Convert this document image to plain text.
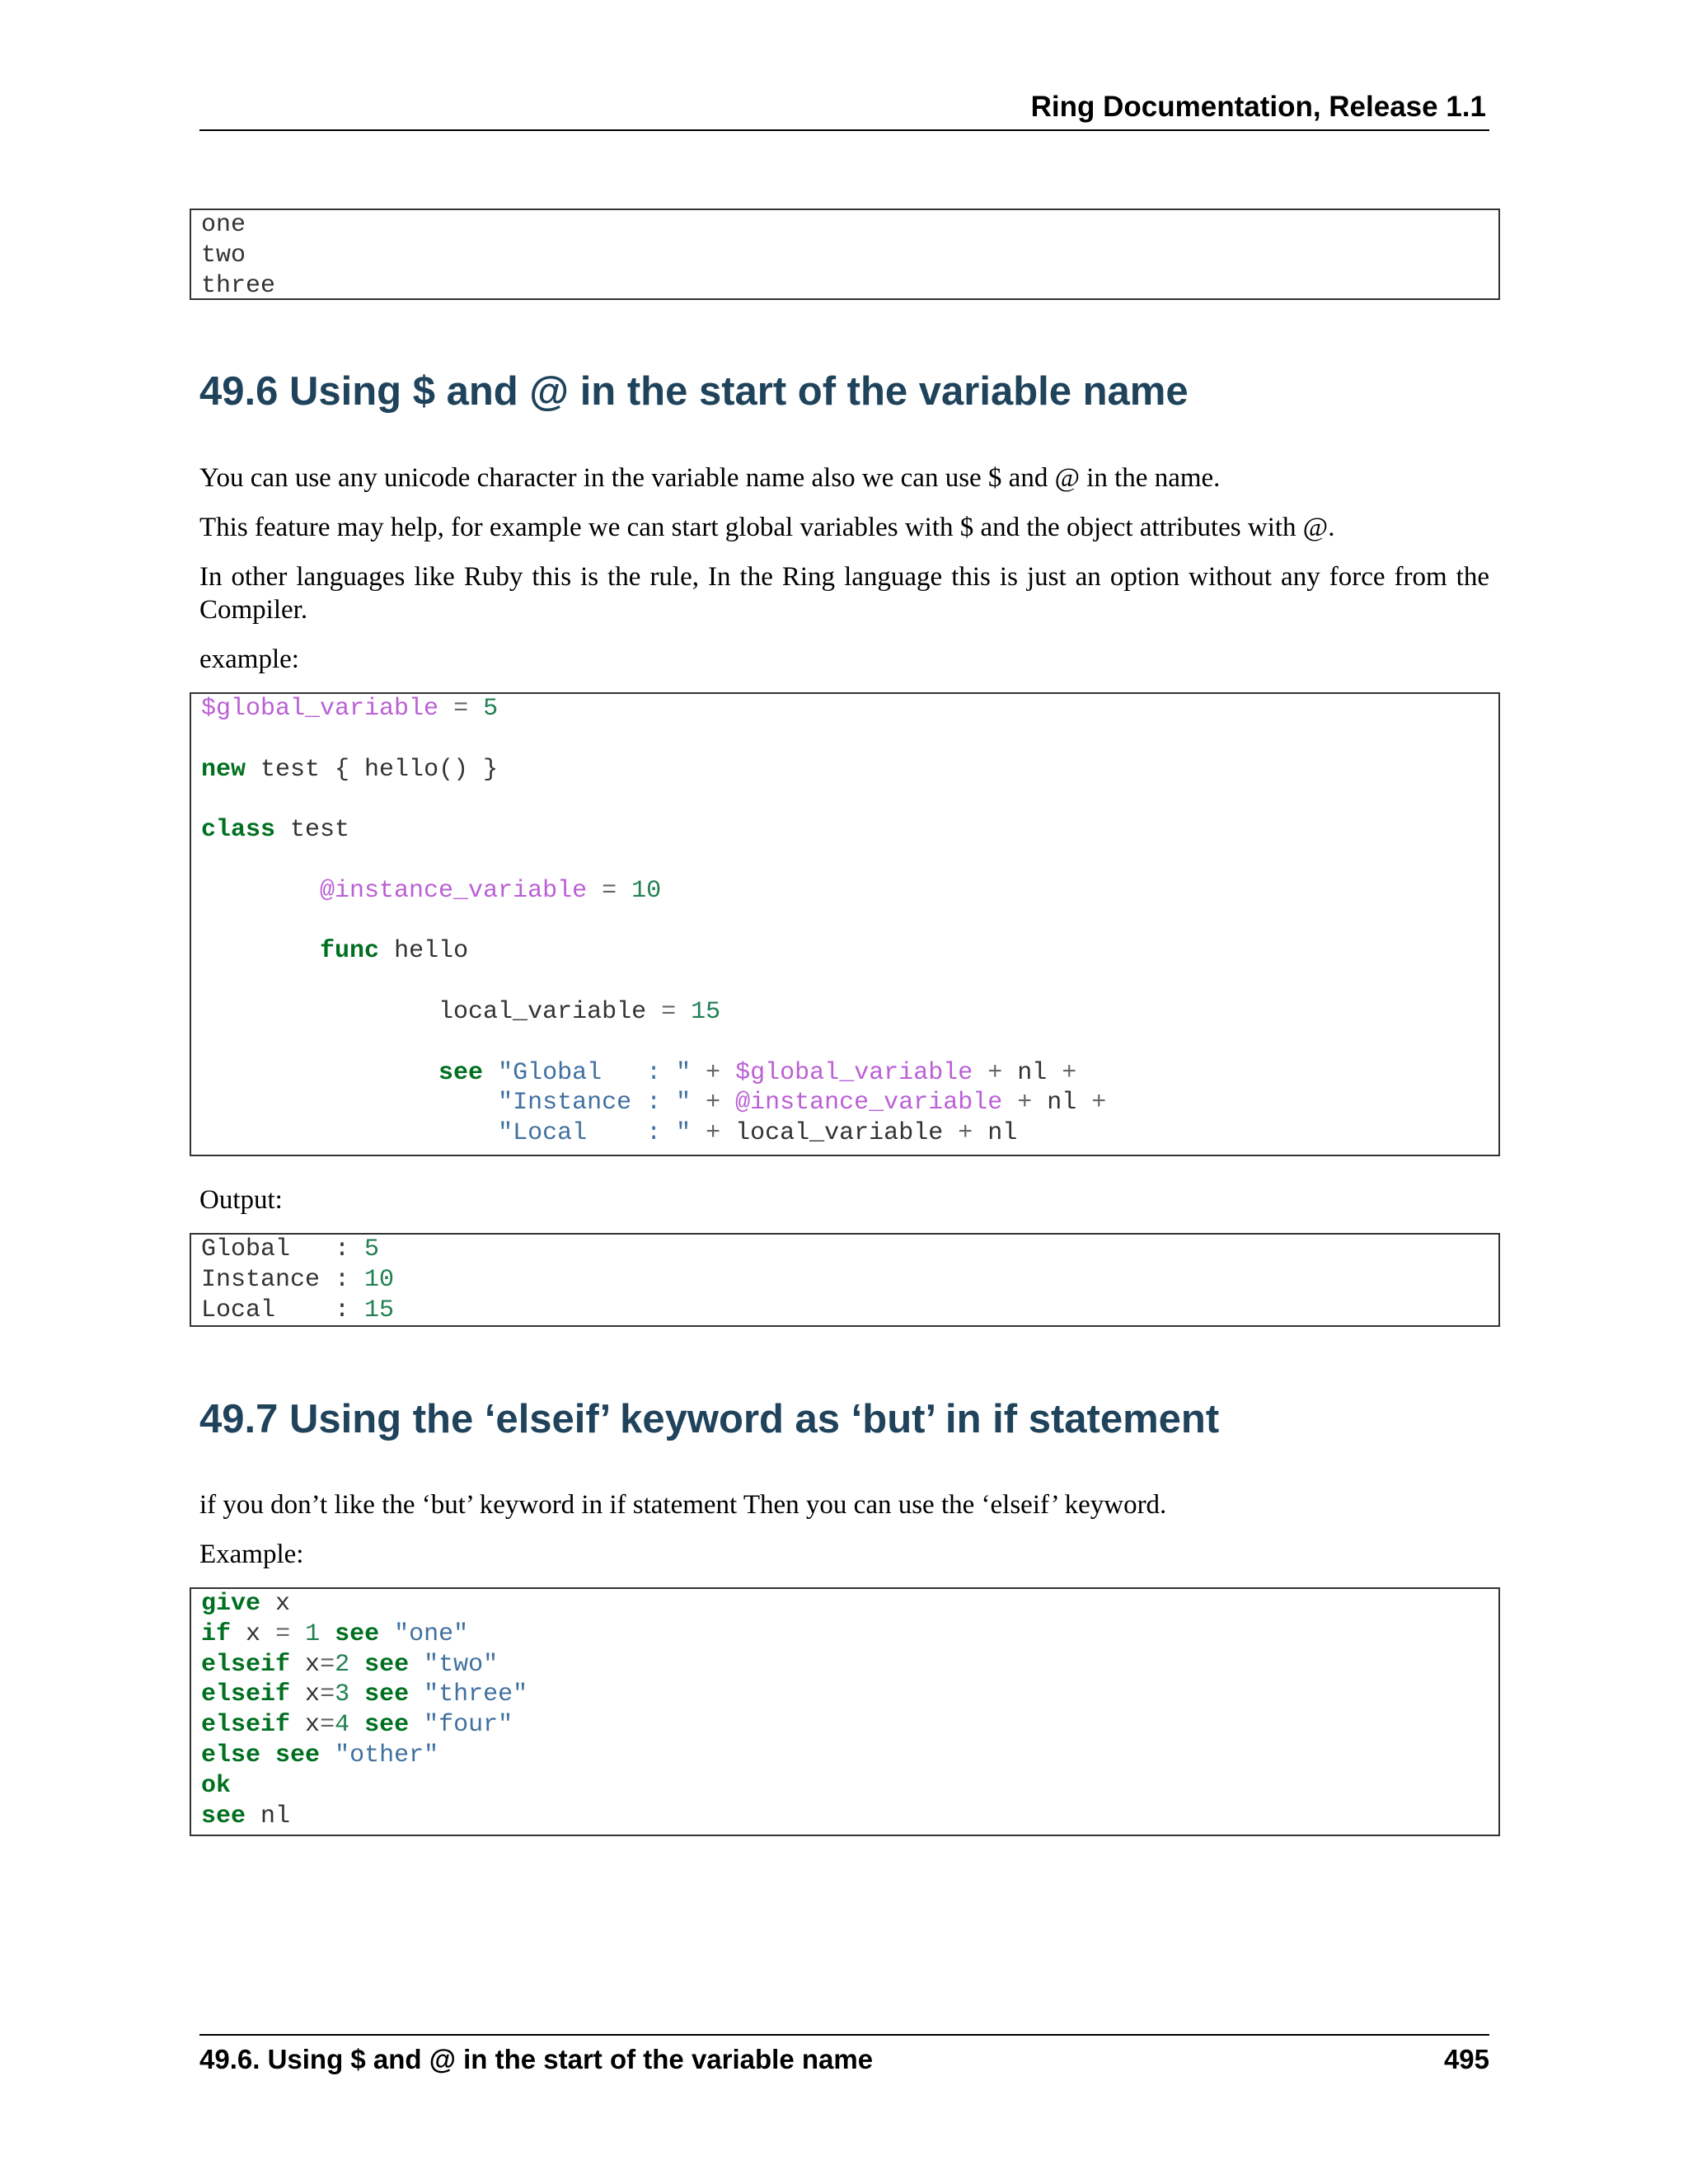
Ring Documentation, Release 1.1
one
two
three
49.6 Using $ and @ in the start of the variable name

You can use any unicode character in the variable name also we can use $ and @ in the name.

This feature may help, for example we can start global variables with $ and the object attributes with @.

In other languages like Ruby this is the rule, In the Ring language this is just an option without any force from the Compiler.

example:

$global_variable = 5

new test { hello() }

class test

@instance_variable = 10

func hello

local_variable = 15

see "Global   : " + $global_variable + nl +
"Instance : " + @instance_variable + nl +
"Local    : " + local_variable + nl

Output:

Global   : 5
Instance : 10
Local    : 15
49.7 Using the ‘elseif’ keyword as ‘but’ in if statement

if you don’t like the ‘but’ keyword in if statement Then you can use the ‘elseif’ keyword.

Example:

give x
if x = 1 see "one"
elseif x=2 see "two"
elseif x=3 see "three"
elseif x=4 see "four"
else see "other"
ok
see nl
49.6. Using $ and @ in the start of the variable name	495
